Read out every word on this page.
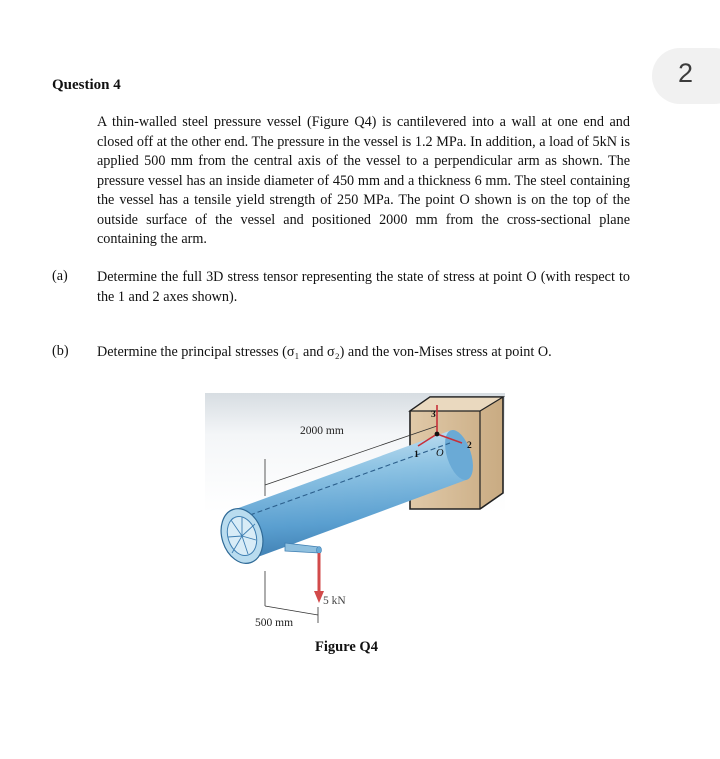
2
Question 4
A thin-walled steel pressure vessel (Figure Q4) is cantilevered into a wall at one end and closed off at the other end. The pressure in the vessel is 1.2 MPa. In addition, a load of 5kN is applied 500 mm from the central axis of the vessel to a perpendicular arm as shown. The pressure vessel has an inside diameter of 450 mm and a thickness 6 mm. The steel containing the vessel has a tensile yield strength of 250 MPa. The point O shown is on the top of the outside surface of the vessel and positioned 2000 mm from the cross-sectional plane containing the arm.
(a) Determine the full 3D stress tensor representing the state of stress at point O (with respect to the 1 and 2 axes shown).
(b) Determine the principal stresses (σ₁ and σ₂) and the von-Mises stress at point O.
5 kN
2000 mm
500 mm
3
1
2
O
Figure Q4
